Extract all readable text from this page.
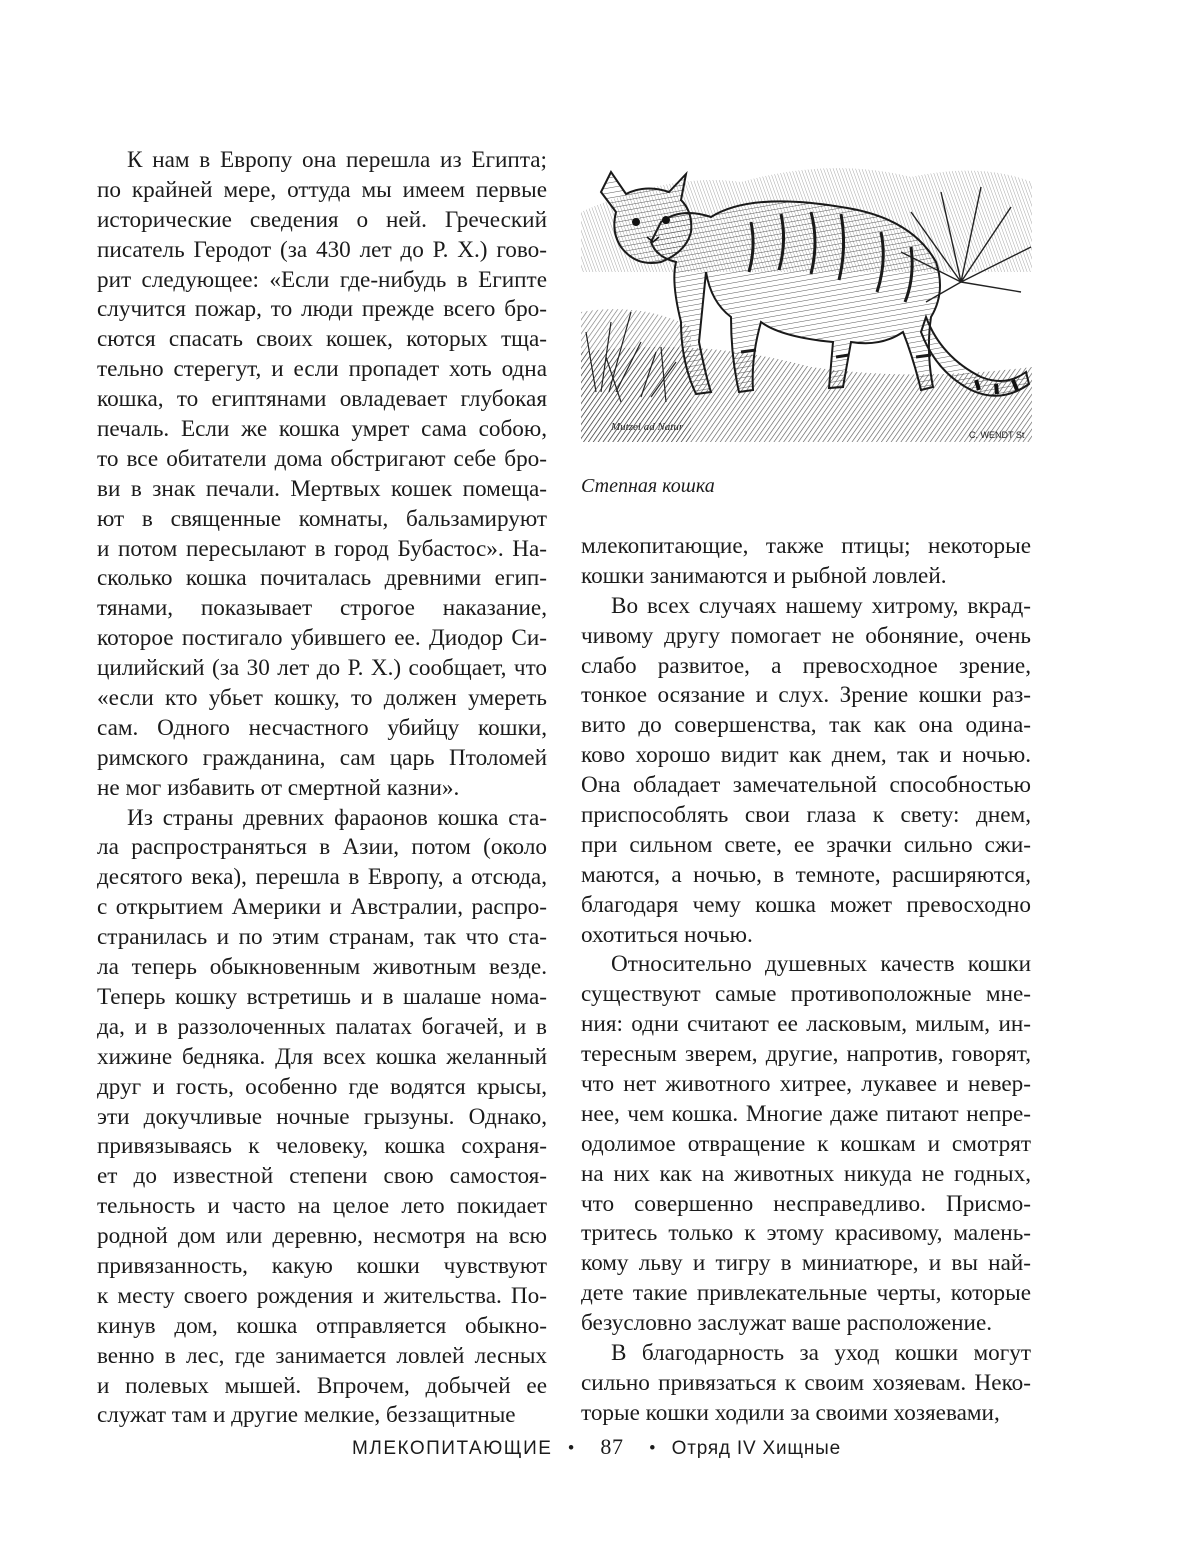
К нам в Европу она перешла из Египта;
по крайней мере, оттуда мы имеем первые
исторические сведения о ней. Греческий
писатель Геродот (за 430 лет до Р. Х.) гово-
рит следующее: «Если где-нибудь в Египте
случится пожар, то люди прежде всего бро-
сются спасать своих кошек, которых тща-
тельно стерегут, и если пропадет хоть одна
кошка, то египтянами овладевает глубокая
печаль. Если же кошка умрет сама собою,
то все обитатели дома обстригают себе бро-
ви в знак печали. Мертвых кошек помеща-
ют в священные комнаты, бальзамируют
и потом пересылают в город Бубастос». На-
сколько кошка почиталась древними егип-
тянами, показывает строгое наказание,
которое постигало убившего ее. Диодор Си-
цилийский (за 30 лет до Р. Х.) сообщает, что
«если кто убьет кошку, то должен умереть
сам. Одного несчастного убийцу кошки,
римского гражданина, сам царь Птоломей
не мог избавить от смертной казни».
Из страны древних фараонов кошка ста-
ла распространяться в Азии, потом (около
десятого века), перешла в Европу, а отсюда,
с открытием Америки и Австралии, распро-
странилась и по этим странам, так что ста-
ла теперь обыкновенным животным везде.
Теперь кошку встретишь и в шалаше нома-
да, и в раззолоченных палатах богачей, и в
хижине бедняка. Для всех кошка желанный
друг и гость, особенно где водятся крысы,
эти докучливые ночные грызуны. Однако,
привязываясь к человеку, кошка сохраня-
ет до известной степени свою самостоя-
тельность и часто на целое лето покидает
родной дом или деревню, несмотря на всю
привязанность, какую кошки чувствуют
к месту своего рождения и жительства. По-
кинув дом, кошка отправляется обыкно-
венно в лес, где занимается ловлей лесных
и полевых мышей. Впрочем, добычей ее
служат там и другие мелкие, беззащитные
Mutzel ad Natur
C. WENDT St
Степная кошка
млекопитающие, также птицы; некоторые
кошки занимаются и рыбной ловлей.
Во всех случаях нашему хитрому, вкрад-
чивому другу помогает не обоняние, очень
слабо развитое, а превосходное зрение,
тонкое осязание и слух. Зрение кошки раз-
вито до совершенства, так как она одина-
ково хорошо видит как днем, так и ночью.
Она обладает замечательной способностью
приспособлять свои глаза к свету: днем,
при сильном свете, ее зрачки сильно сжи-
маются, а ночью, в темноте, расширяются,
благодаря чему кошка может превосходно
охотиться ночью.
Относительно душевных качеств кошки
существуют самые противоположные мне-
ния: одни считают ее ласковым, милым, ин-
тересным зверем, другие, напротив, говорят,
что нет животного хитрее, лукавее и невер-
нее, чем кошка. Многие даже питают непре-
одолимое отвращение к кошкам и смотрят
на них как на животных никуда не годных,
что совершенно несправедливо. Присмо-
тритесь только к этому красивому, малень-
кому льву и тигру в миниатюре, и вы най-
дете такие привлекательные черты, которые
безусловно заслужат ваше расположение.
В благодарность за уход кошки могут
сильно привязаться к своим хозяевам. Неко-
торые кошки ходили за своими хозяевами,
МЛЕКОПИТАЮЩИЕ • 87 • Отряд IV Хищные
